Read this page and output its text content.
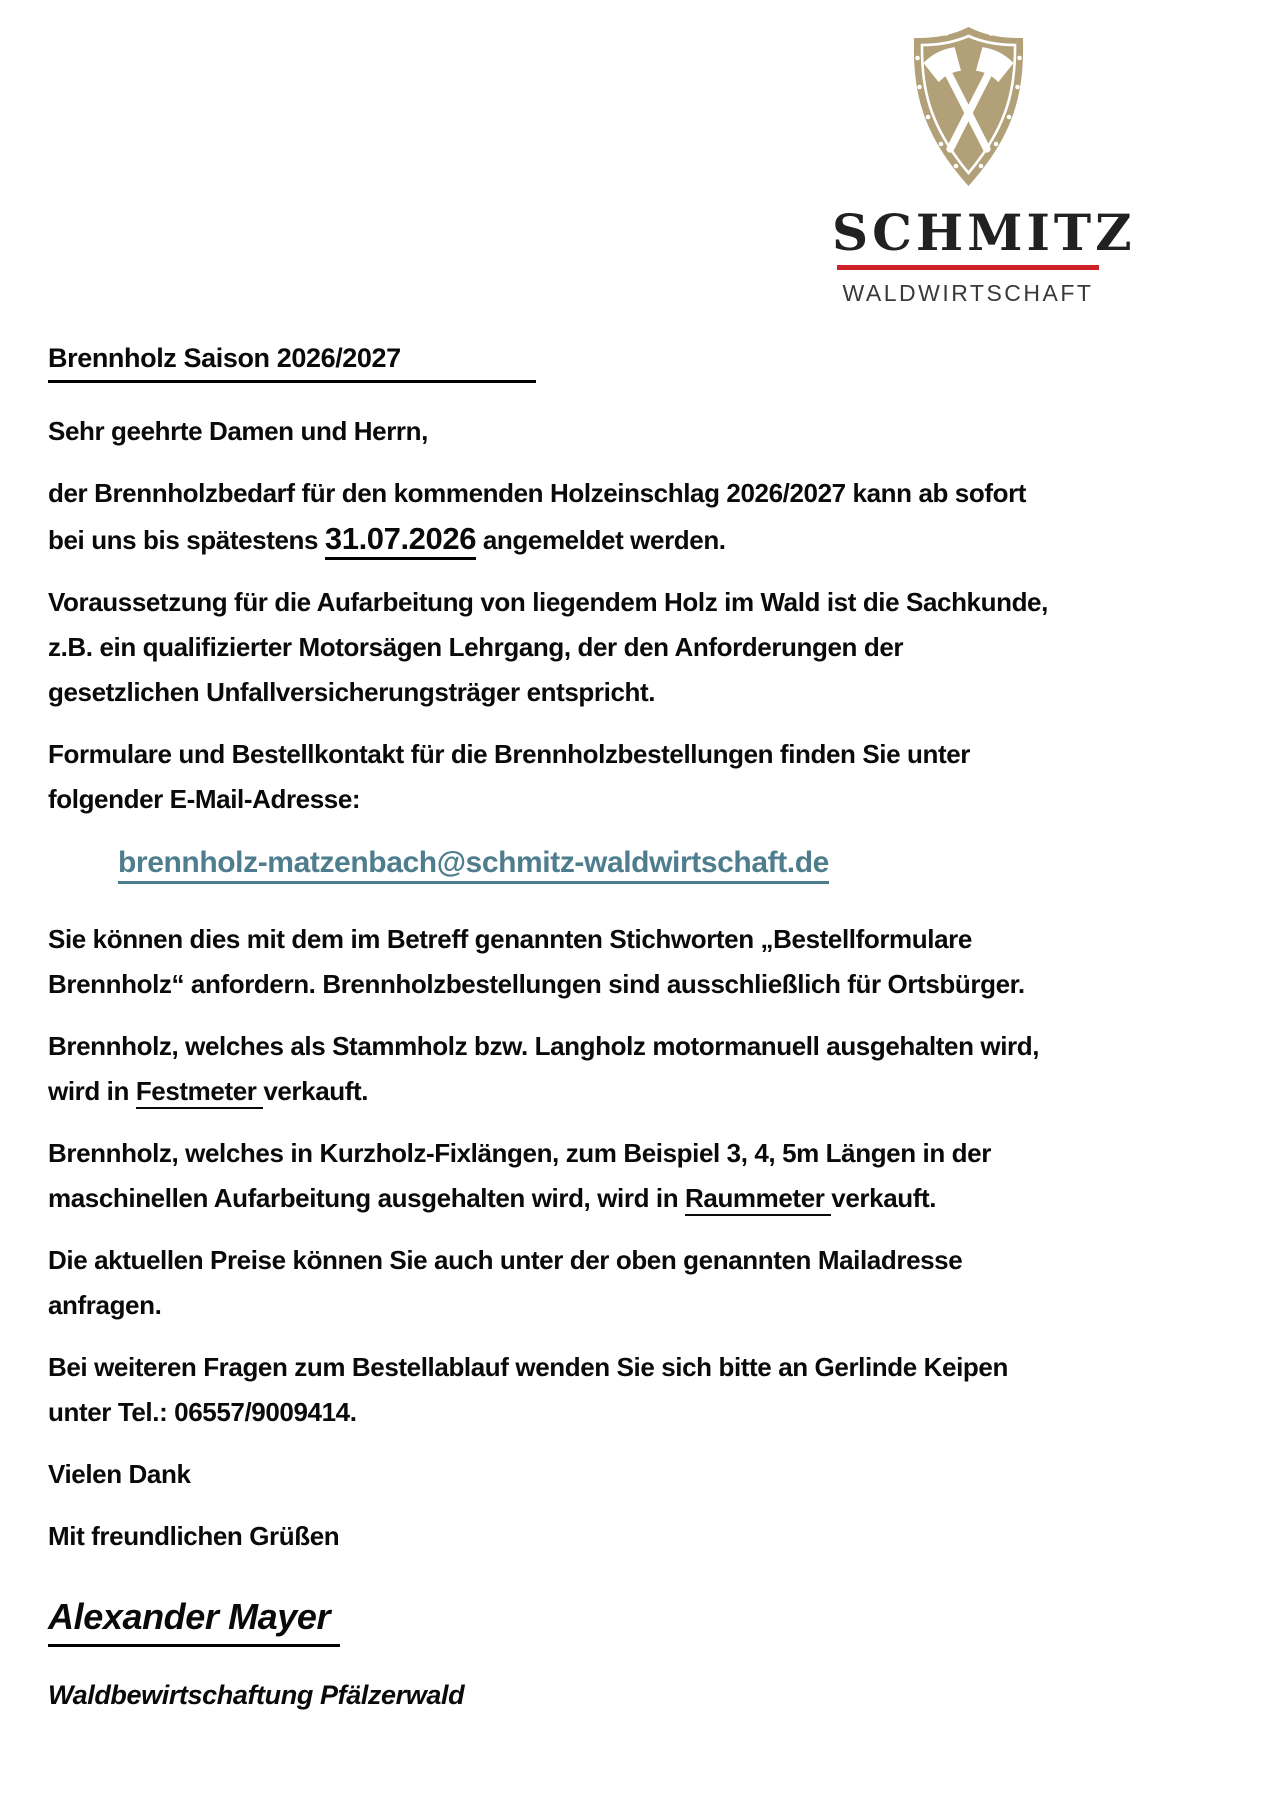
SCHMITZ
WALDWIRTSCHAFT
Brennholz Saison 2026/2027

Sehr geehrte Damen und Herrn,

der Brennholzbedarf für den kommenden Holzeinschlag 2026/2027 kann ab sofort
bei uns bis spätestens 31.07.2026 angemeldet werden.

Voraussetzung für die Aufarbeitung von liegendem Holz im Wald ist die Sachkunde,
z.B. ein qualifizierter Motorsägen Lehrgang, der den Anforderungen der
gesetzlichen Unfallversicherungsträger entspricht.

Formulare und Bestellkontakt für die Brennholzbestellungen finden Sie unter
folgender E-Mail-Adresse:

brennholz-matzenbach@schmitz-waldwirtschaft.de

Sie können dies mit dem im Betreff genannten Stichworten „Bestellformulare
Brennholz“ anfordern. Brennholzbestellungen sind ausschließlich für Ortsbürger.

Brennholz, welches als Stammholz bzw. Langholz motormanuell ausgehalten wird,
wird in Festmeter verkauft.

Brennholz, welches in Kurzholz-Fixlängen, zum Beispiel 3, 4, 5m Längen in der
maschinellen Aufarbeitung ausgehalten wird, wird in Raummeter verkauft.

Die aktuellen Preise können Sie auch unter der oben genannten Mailadresse
anfragen.

Bei weiteren Fragen zum Bestellablauf wenden Sie sich bitte an Gerlinde Keipen
unter Tel.: 06557/9009414.

Vielen Dank

Mit freundlichen Grüßen

Alexander Mayer
Waldbewirtschaftung Pfälzerwald
